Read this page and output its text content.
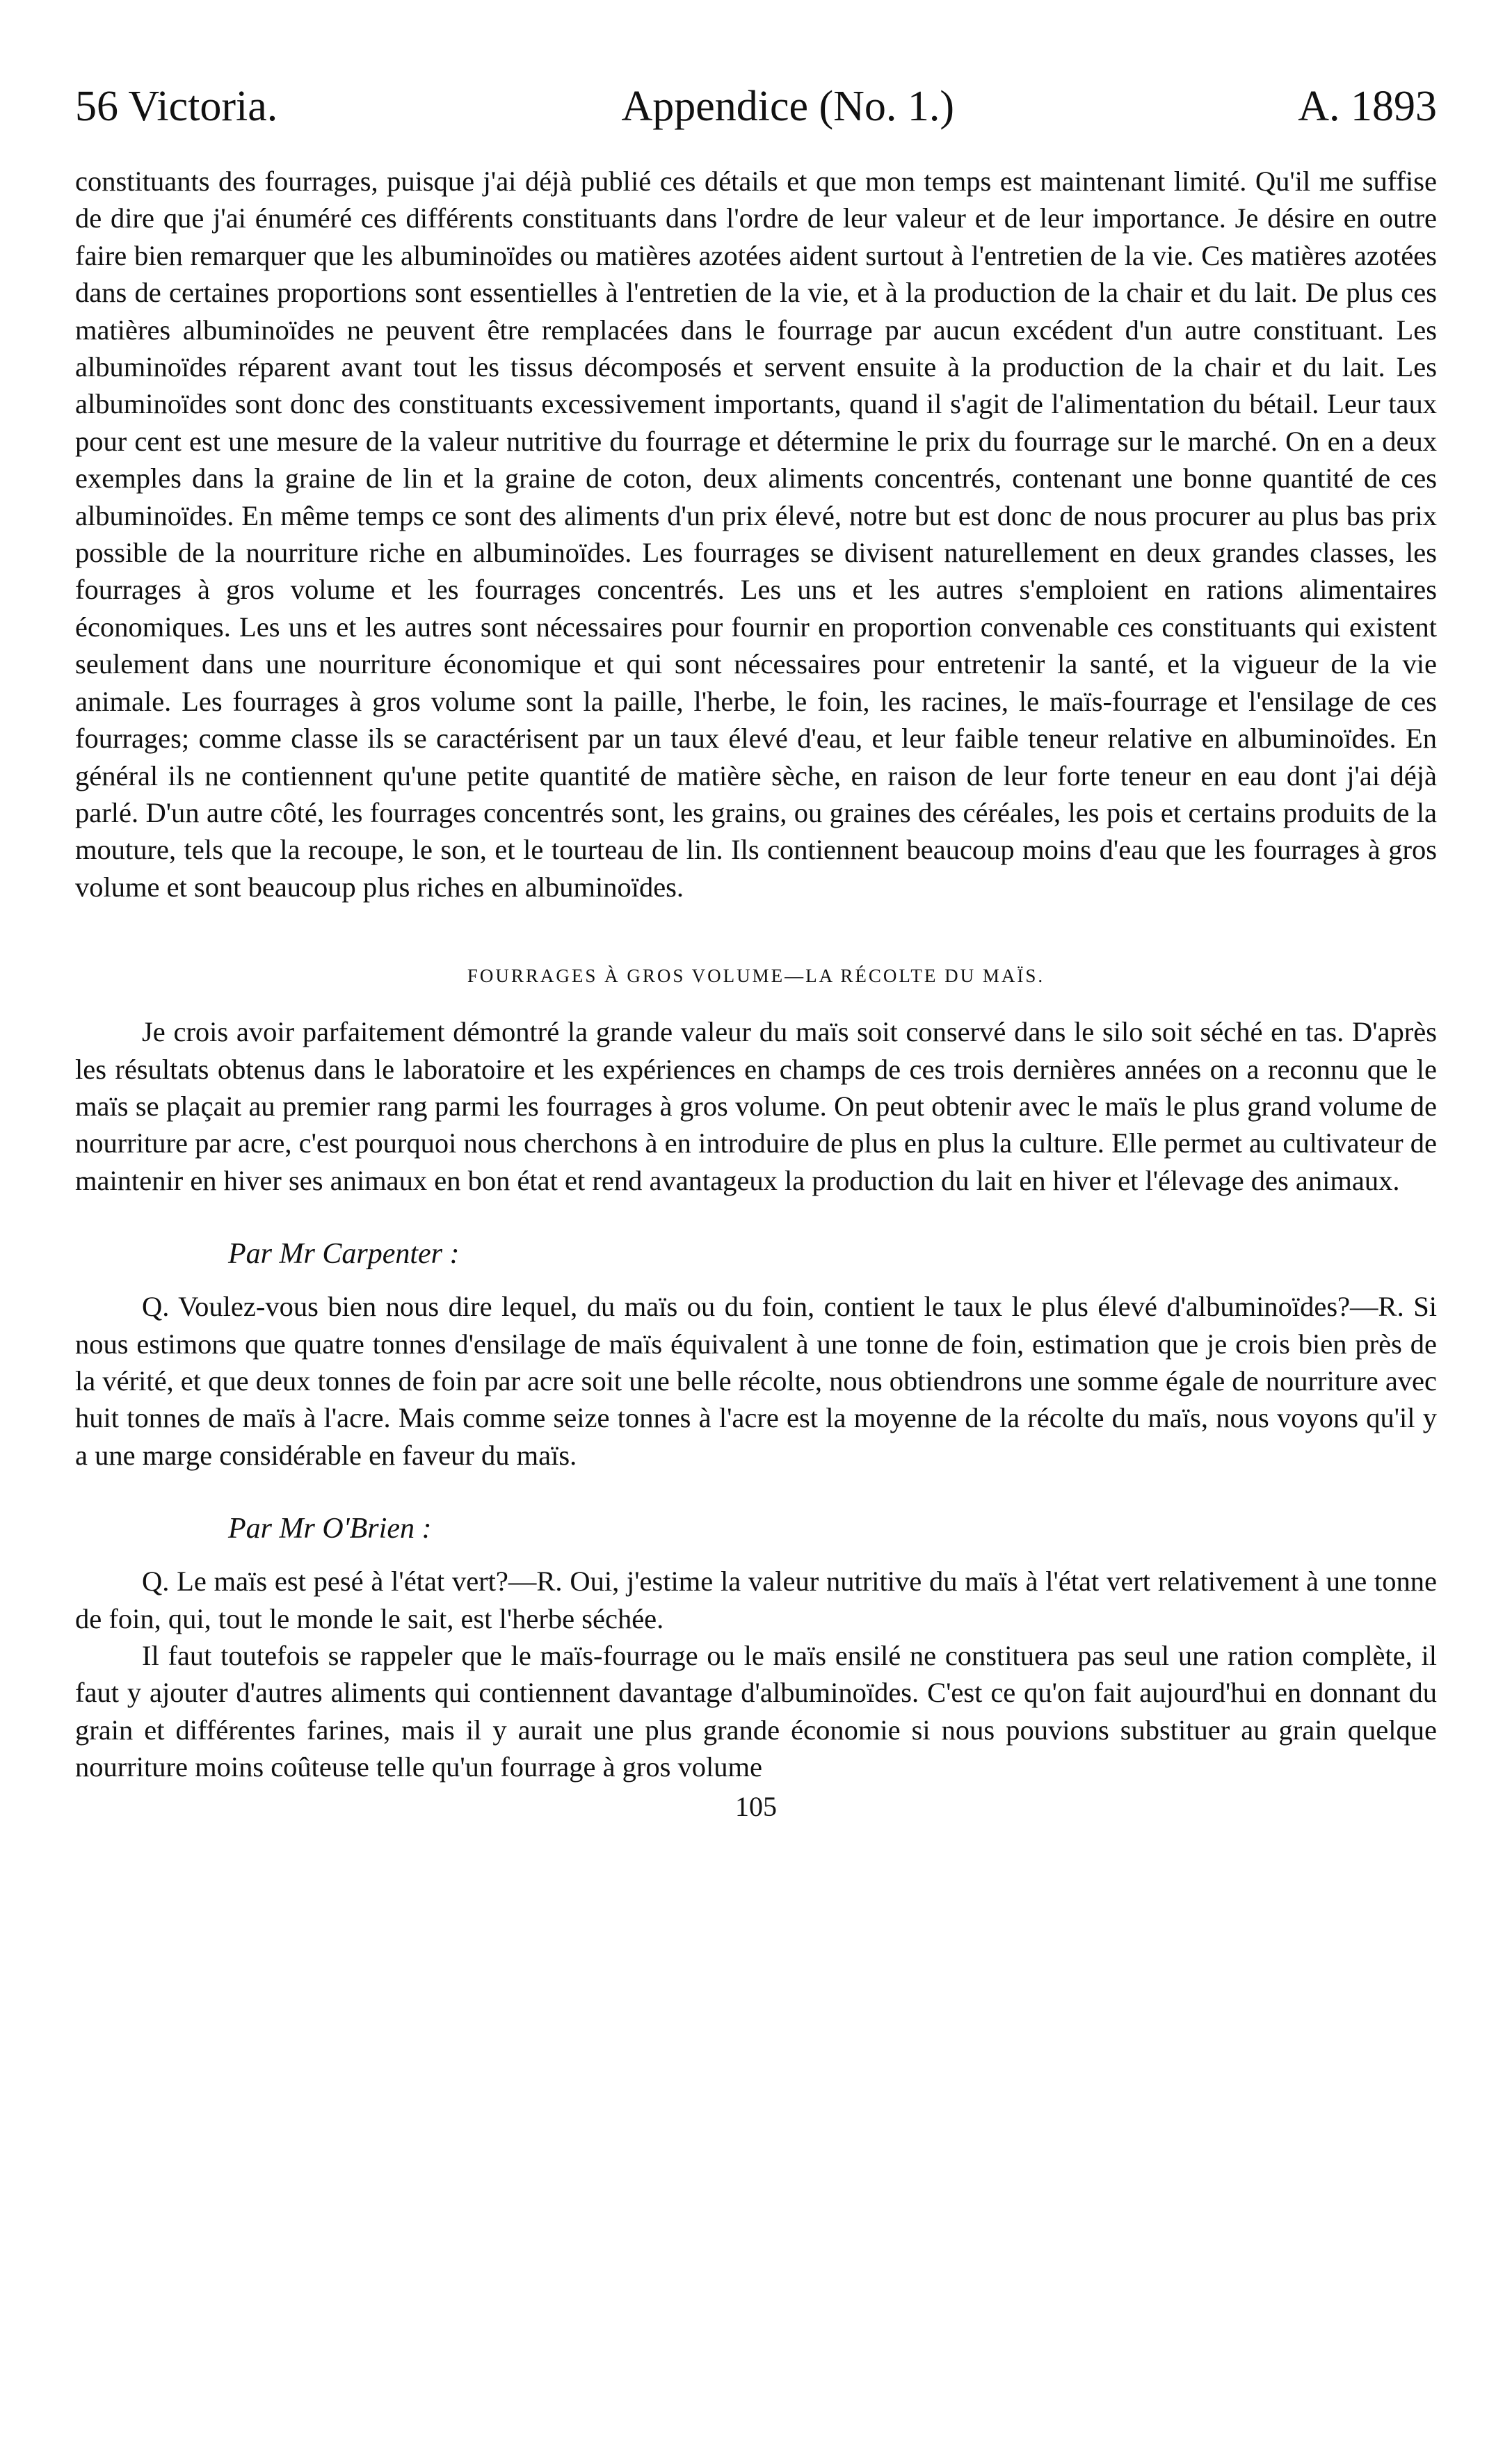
56 Victoria.	Appendice (No. 1.)	A. 1893

constituants des fourrages, puisque j'ai déjà publié ces détails et que mon temps est maintenant limité. Qu'il me suffise de dire que j'ai énuméré ces différents constituants dans l'ordre de leur valeur et de leur importance. Je désire en outre faire bien remarquer que les albuminoïdes ou matières azotées aident surtout à l'entretien de la vie. Ces matières azotées dans de certaines proportions sont essentielles à l'entretien de la vie, et à la production de la chair et du lait. De plus ces matières albuminoïdes ne peuvent être remplacées dans le fourrage par aucun excédent d'un autre constituant. Les albuminoïdes réparent avant tout les tissus décomposés et servent ensuite à la production de la chair et du lait. Les albuminoïdes sont donc des constituants excessivement importants, quand il s'agit de l'alimentation du bétail. Leur taux pour cent est une mesure de la valeur nutritive du fourrage et détermine le prix du fourrage sur le marché. On en a deux exemples dans la graine de lin et la graine de coton, deux aliments concentrés, contenant une bonne quantité de ces albuminoïdes. En même temps ce sont des aliments d'un prix élevé, notre but est donc de nous procurer au plus bas prix possible de la nourriture riche en albuminoïdes. Les fourrages se divisent naturellement en deux grandes classes, les fourrages à gros volume et les fourrages concentrés. Les uns et les autres s'emploient en rations alimentaires économiques. Les uns et les autres sont nécessaires pour fournir en proportion convenable ces constituants qui existent seulement dans une nourriture économique et qui sont nécessaires pour entretenir la santé, et la vigueur de la vie animale. Les fourrages à gros volume sont la paille, l'herbe, le foin, les racines, le maïs-fourrage et l'ensilage de ces fourrages; comme classe ils se caractérisent par un taux élevé d'eau, et leur faible teneur relative en albuminoïdes. En général ils ne contiennent qu'une petite quantité de matière sèche, en raison de leur forte teneur en eau dont j'ai déjà parlé. D'un autre côté, les fourrages concentrés sont, les grains, ou graines des céréales, les pois et certains produits de la mouture, tels que la recoupe, le son, et le tourteau de lin. Ils contiennent beaucoup moins d'eau que les fourrages à gros volume et sont beaucoup plus riches en albuminoïdes.

FOURRAGES À GROS VOLUME—LA RÉCOLTE DU MAÏS.

Je crois avoir parfaitement démontré la grande valeur du maïs soit conservé dans le silo soit séché en tas. D'après les résultats obtenus dans le laboratoire et les expériences en champs de ces trois dernières années on a reconnu que le maïs se plaçait au premier rang parmi les fourrages à gros volume. On peut obtenir avec le maïs le plus grand volume de nourriture par acre, c'est pourquoi nous cherchons à en introduire de plus en plus la culture. Elle permet au cultivateur de maintenir en hiver ses animaux en bon état et rend avantageux la production du lait en hiver et l'élevage des animaux.

Par Mr Carpenter :

Q. Voulez-vous bien nous dire lequel, du maïs ou du foin, contient le taux le plus élevé d'albuminoïdes?—R. Si nous estimons que quatre tonnes d'ensilage de maïs équivalent à une tonne de foin, estimation que je crois bien près de la vérité, et que deux tonnes de foin par acre soit une belle récolte, nous obtiendrons une somme égale de nourriture avec huit tonnes de maïs à l'acre. Mais comme seize tonnes à l'acre est la moyenne de la récolte du maïs, nous voyons qu'il y a une marge considérable en faveur du maïs.

Par Mr O'Brien :

Q. Le maïs est pesé à l'état vert?—R. Oui, j'estime la valeur nutritive du maïs à l'état vert relativement à une tonne de foin, qui, tout le monde le sait, est l'herbe séchée.

Il faut toutefois se rappeler que le maïs-fourrage ou le maïs ensilé ne constituera pas seul une ration complète, il faut y ajouter d'autres aliments qui contiennent davantage d'albuminoïdes. C'est ce qu'on fait aujourd'hui en donnant du grain et différentes farines, mais il y aurait une plus grande économie si nous pouvions substituer au grain quelque nourriture moins coûteuse telle qu'un fourrage à gros volume

105
